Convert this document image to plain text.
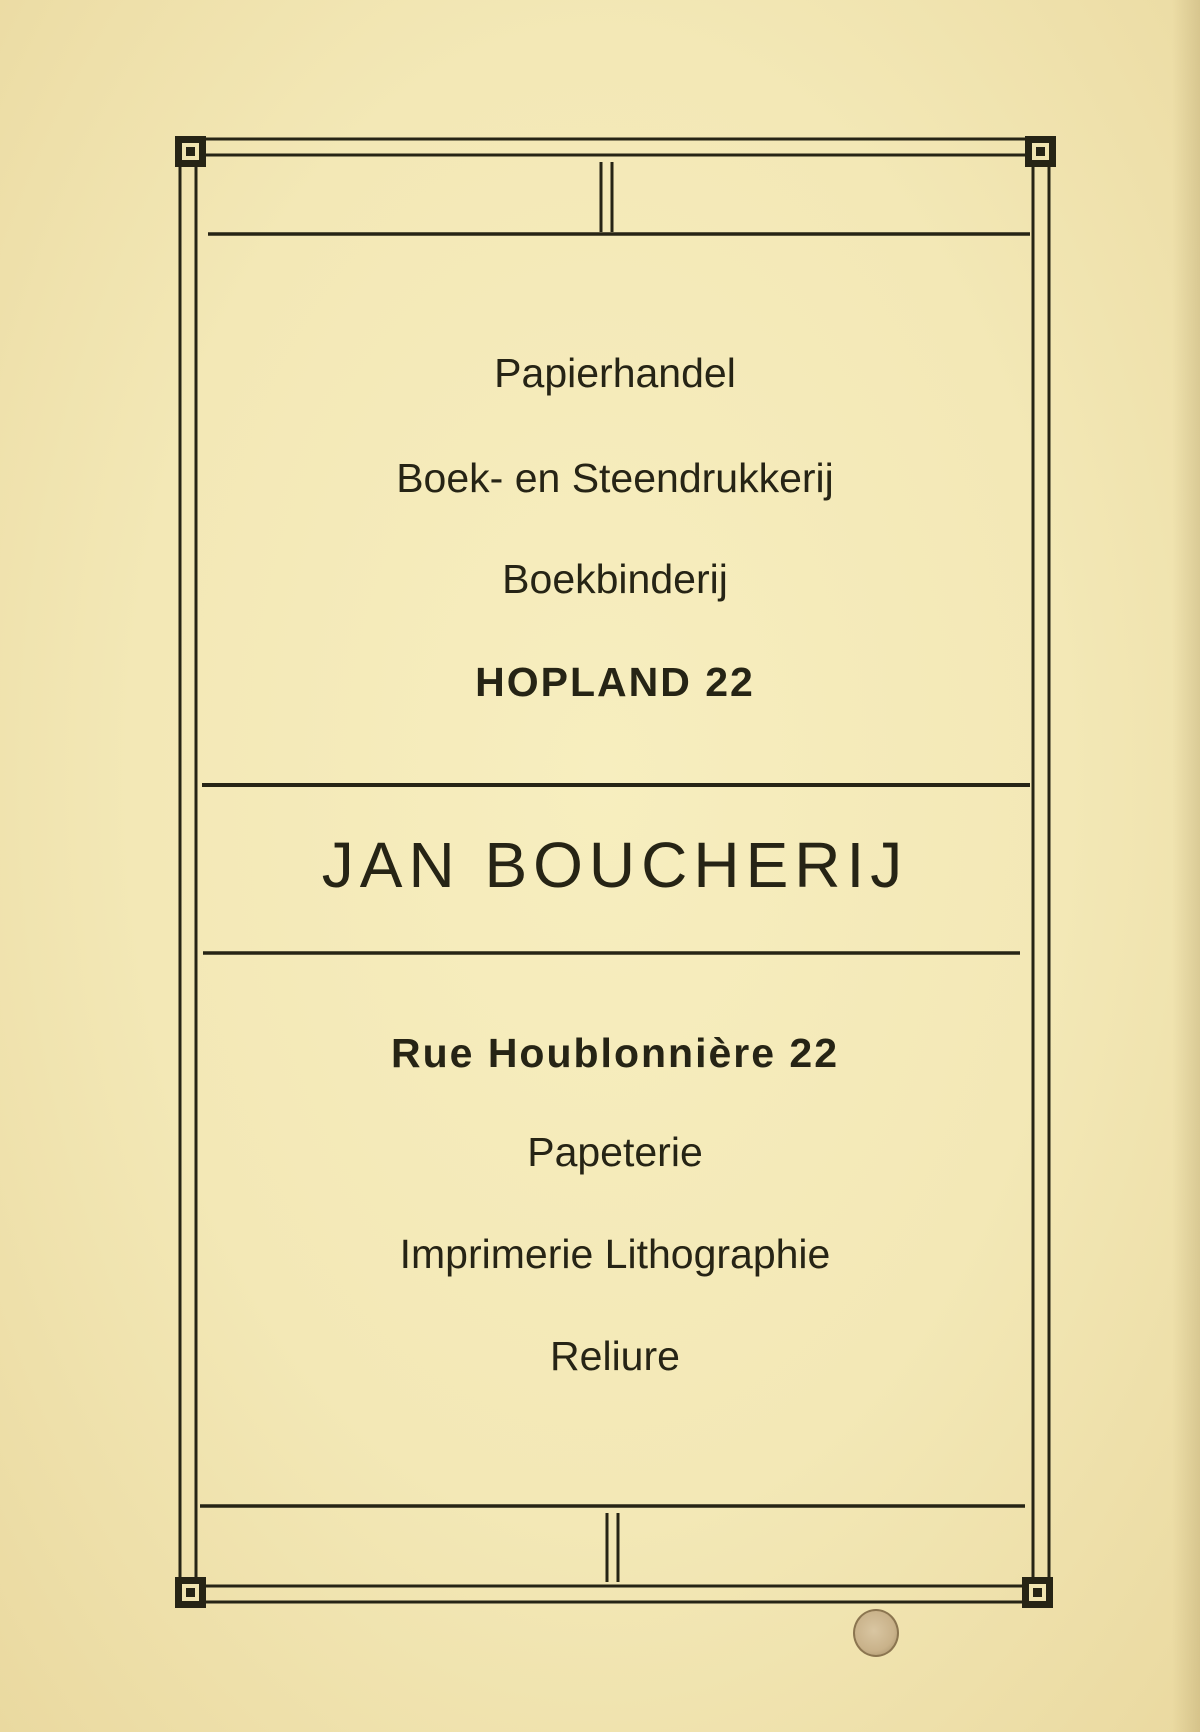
Papierhandel
Boek- en Steendrukkerij
Boekbinderij
HOPLAND 22
JAN BOUCHERIJ
Rue Houblonnière 22
Papeterie
Imprimerie Lithographie
Reliure
